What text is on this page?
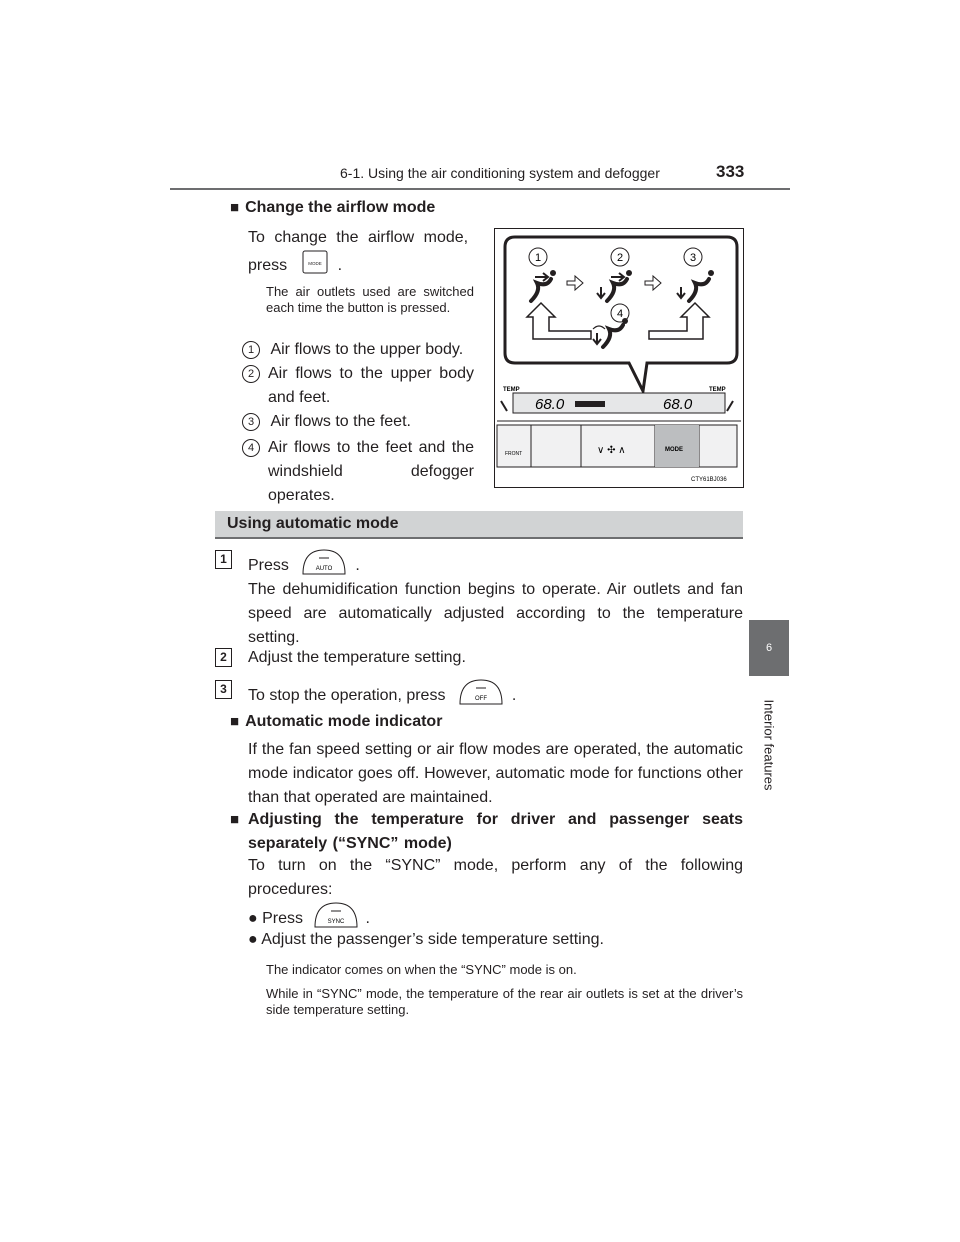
6-1. Using the air conditioning system and defogger	333
6
Interior features
■ Change the airflow mode
To change the airflow mode,
press	MODE .
The air outlets used are switched each time the button is pressed.
1 Air flows to the upper body.
2 Air flows to the upper body and feet.
3 Air flows to the feet.
4 Air flows to the feet and the windshield defogger operates.
1	2	3
4
TEMP	TEMP
68.0	68.0
FRONT
MODE
∨ ✣ ∧
CTY61BJ036
Using automatic mode
1	Press	AUTO .
The dehumidification function begins to operate. Air outlets and fan speed are automatically adjusted according to the temperature setting.
2	Adjust the temperature setting.
3	To stop the operation, press	OFF .
■ Automatic mode indicator
If the fan speed setting or air flow modes are operated, the automatic mode indicator goes off. However, automatic mode for functions other than that operated are maintained.
■ Adjusting the temperature for driver and passenger seats separately (“SYNC” mode)
To turn on the “SYNC” mode, perform any of the following procedures:
● Press	SYNC .
● Adjust the passenger’s side temperature setting.
The indicator comes on when the “SYNC” mode is on.
While in “SYNC” mode, the temperature of the rear air outlets is set at the driver’s side temperature setting.
